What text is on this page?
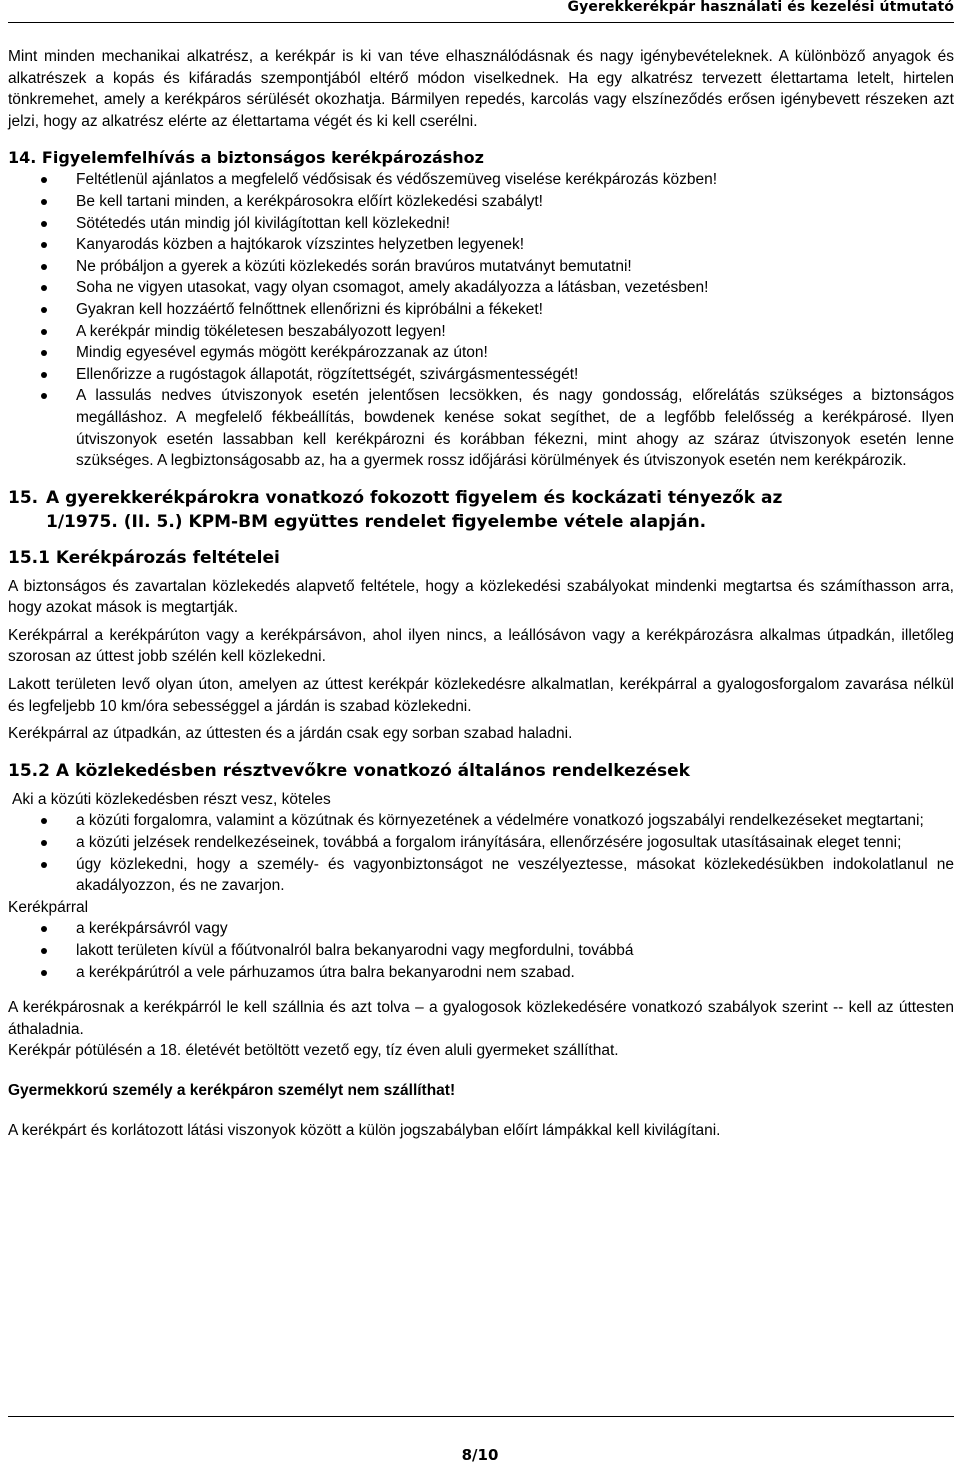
Gyerekkerékpár használati és kezelési útmutató

Mint minden mechanikai alkatrész, a kerékpár is ki van téve elhasználódásnak és nagy igénybevételeknek. A különböző anyagok és alkatrészek a kopás és kifáradás szempontjából eltérő módon viselkednek. Ha egy alkatrész tervezett élettartama letelt, hirtelen tönkremehet, amely a kerékpáros sérülését okozhatja. Bármilyen repedés, karcolás vagy elszíneződés erősen igénybevett részeken azt jelzi, hogy az alkatrész elérte az élettartama végét és ki kell cserélni.

14. Figyelemfelhívás a biztonságos kerékpározáshoz
Feltétlenül ajánlatos a megfelelő védősisak és védőszemüveg viselése kerékpározás közben!
Be kell tartani minden, a kerékpárosokra előírt közlekedési szabályt!
Sötétedés után mindig jól kivilágítottan kell közlekedni!
Kanyarodás közben a hajtókarok vízszintes helyzetben legyenek!
Ne próbáljon a gyerek a közúti közlekedés során bravúros mutatványt bemutatni!
Soha ne vigyen utasokat, vagy olyan csomagot, amely akadályozza a látásban, vezetésben!
Gyakran kell hozzáértő felnőttnek ellenőrizni és kipróbálni a fékeket!
A kerékpár mindig tökéletesen beszabályozott legyen!
Mindig egyesével egymás mögött kerékpározzanak az úton!
Ellenőrizze a rugóstagok állapotát, rögzítettségét, szivárgásmentességét!
A lassulás nedves útviszonyok esetén jelentősen lecsökken, és nagy gondosság, előrelátás szükséges a biztonságos megálláshoz. A megfelelő fékbeállítás, bowdenek kenése sokat segíthet, de a legfőbb felelősség a kerékpárosé. Ilyen útviszonyok esetén lassabban kell kerékpározni és korábban fékezni, mint ahogy az száraz útviszonyok esetén lenne szükséges. A legbiztonságosabb az, ha a gyermek rossz időjárási körülmények és útviszonyok esetén nem kerékpározik.
15. A gyerekkerékpárokra vonatkozó fokozott figyelem és kockázati tényezők az
1/1975. (II. 5.) KPM-BM együttes rendelet figyelembe vétele alapján.
15.1 Kerékpározás feltételei

A biztonságos és zavartalan közlekedés alapvető feltétele, hogy a közlekedési szabályokat mindenki megtartsa és számíthasson arra, hogy azokat mások is megtartják.

Kerékpárral a kerékpárúton vagy a kerékpársávon, ahol ilyen nincs, a leállósávon vagy a kerékpározásra alkalmas útpadkán, illetőleg szorosan az úttest jobb szélén kell közlekedni.

Lakott területen levő olyan úton, amelyen az úttest kerékpár közlekedésre alkalmatlan, kerékpárral a gyalogosforgalom zavarása nélkül és legfeljebb 10 km/óra sebességgel a járdán is szabad közlekedni.

Kerékpárral az útpadkán, az úttesten és a járdán csak egy sorban szabad haladni.

15.2 A közlekedésben résztvevőkre vonatkozó általános rendelkezések

Aki a közúti közlekedésben részt vesz, köteles

a közúti forgalomra, valamint a közútnak és környezetének a védelmére vonatkozó jogszabályi rendelkezéseket megtartani;
a közúti jelzések rendelkezéseinek, továbbá a forgalom irányítására, ellenőrzésére jogosultak utasításainak eleget tenni;
úgy közlekedni, hogy a személy- és vagyonbiztonságot ne veszélyeztesse, másokat közlekedésükben indokolatlanul ne akadályozzon, és ne zavarjon.

Kerékpárral

a kerékpársávról vagy
lakott területen kívül a főútvonalról balra bekanyarodni vagy megfordulni, továbbá
a kerékpárútról a vele párhuzamos útra balra bekanyarodni nem szabad.

A kerékpárosnak a kerékpárról le kell szállnia és azt tolva – a gyalogosok közlekedésére vonatkozó szabályok szerint -- kell az úttesten áthaladnia.

Kerékpár pótülésén a 18. életévét betöltött vezető egy, tíz éven aluli gyermeket szállíthat.

Gyermekkorú személy a kerékpáron személyt nem szállíthat!

A kerékpárt és korlátozott látási viszonyok között a külön jogszabályban előírt lámpákkal kell kivilágítani.

8/10
